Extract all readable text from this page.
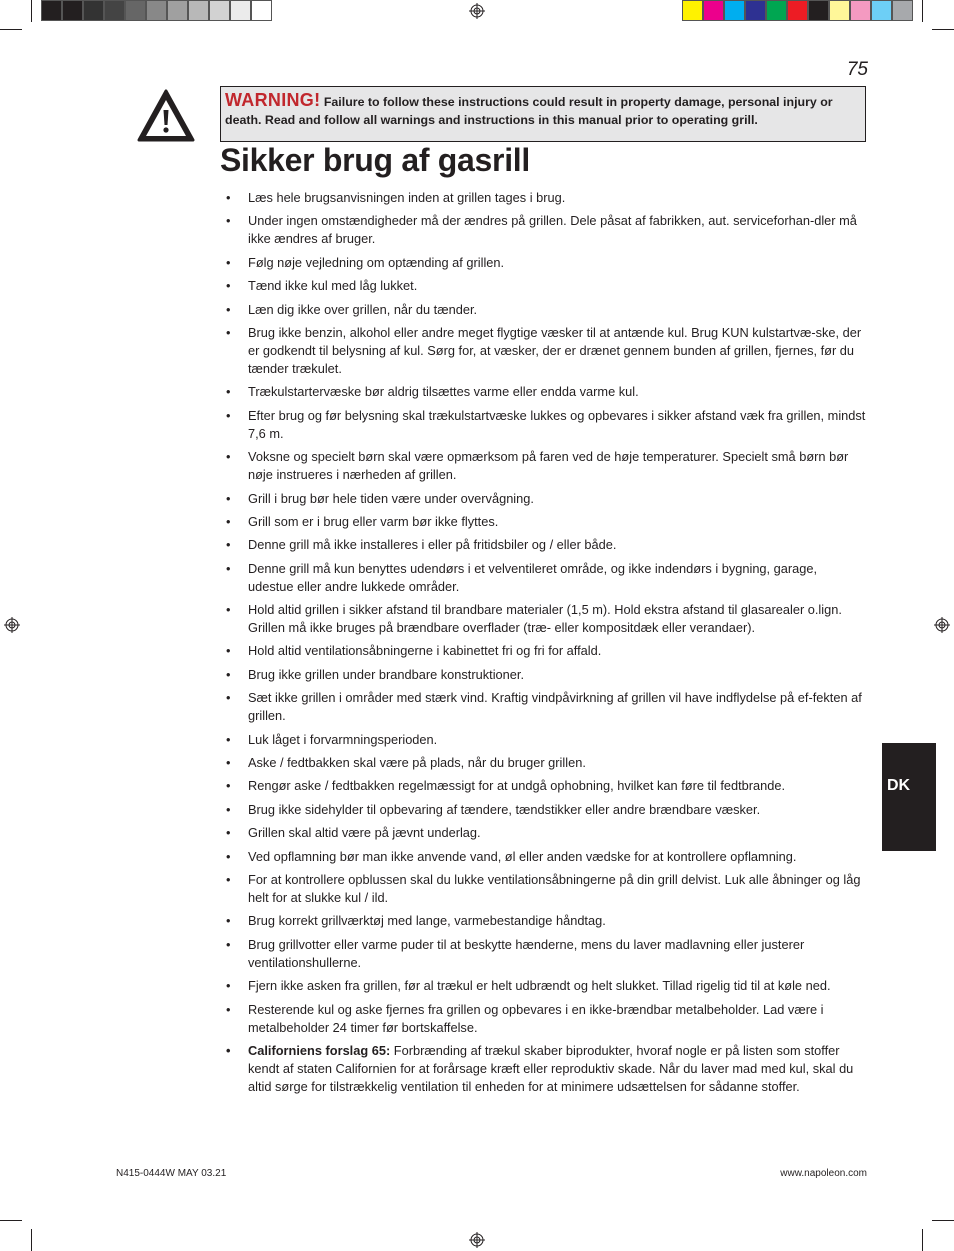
75
WARNING! Failure to follow these instructions could result in property damage, personal injury or death. Read and follow all warnings and instructions in this manual prior to operating grill.
Sikker brug af gasrill
• Læs hele brugsanvisningen inden at grillen tages i brug.
• Under ingen omstændigheder må der ændres på grillen. Dele påsat af fabrikken, aut. serviceforhan-dler må ikke ændres af bruger.
• Følg nøje vejledning om optænding af grillen.
• Tænd ikke kul med låg lukket.
• Læn dig ikke over grillen, når du tænder.
• Brug ikke benzin, alkohol eller andre meget flygtige væsker til at antænde kul. Brug KUN kulstartvæ-ske, der er godkendt til belysning af kul. Sørg for, at væsker, der er drænet gennem bunden af grillen, fjernes, før du tænder trækulet.
• Trækulstartervæske bør aldrig tilsættes varme eller endda varme kul.
• Efter brug og før belysning skal trækulstartvæske lukkes og opbevares i sikker afstand væk fra grillen, mindst 7,6 m.
• Voksne og specielt børn skal være opmærksom på faren ved de høje temperaturer. Specielt små børn bør nøje instrueres i nærheden af grillen.
• Grill i brug bør hele tiden være under overvågning.
• Grill som er i brug eller varm bør ikke flyttes.
• Denne grill må ikke installeres i eller på fritidsbiler og / eller både.
• Denne grill må kun benyttes udendørs i et velventileret område, og ikke indendørs i bygning, garage, udestue eller andre lukkede områder.
• Hold altid grillen i sikker afstand til brandbare materialer (1,5 m). Hold ekstra afstand til glasarealer o.lign. Grillen må ikke bruges på brændbare overflader (træ- eller kompositdæk eller verandaer).
• Hold altid ventilationsåbningerne i kabinettet fri og fri for affald.
• Brug ikke grillen under brandbare konstruktioner.
• Sæt ikke grillen i områder med stærk vind. Kraftig vindpåvirkning af grillen vil have indflydelse på ef-fekten af grillen.
• Luk låget i forvarmningsperioden.
• Aske / fedtbakken skal være på plads, når du bruger grillen.
• Rengør aske / fedtbakken regelmæssigt for at undgå ophobning, hvilket kan føre til fedtbrande.
• Brug ikke sidehylder til opbevaring af tændere, tændstikker eller andre brændbare væsker.
• Grillen skal altid være på jævnt underlag.
• Ved opflamning bør man ikke anvende vand, øl eller anden vædske for at kontrollere opflamning.
• For at kontrollere opblussen skal du lukke ventilationsåbningerne på din grill delvist. Luk alle åbninger og låg helt for at slukke kul / ild.
• Brug korrekt grillværktøj med lange, varmebestandige håndtag.
• Brug grillvotter eller varme puder til at beskytte hænderne, mens du laver madlavning eller justerer ventilationshullerne.
• Fjern ikke asken fra grillen, før al trækul er helt udbrændt og helt slukket. Tillad rigelig tid til at køle ned.
• Resterende kul og aske fjernes fra grillen og opbevares i en ikke-brændbar metalbeholder. Lad være i metalbeholder 24 timer før bortskaffelse.
• Californiens forslag 65: Forbrænding af trækul skaber biprodukter, hvoraf nogle er på listen som stoffer kendt af staten Californien for at forårsage kræft eller reproduktiv skade. Når du laver mad med kul, skal du altid sørge for tilstrækkelig ventilation til enheden for at minimere udsættelsen for sådanne stoffer.
DK
N415-0444W MAY 03.21	www.napoleon.com
